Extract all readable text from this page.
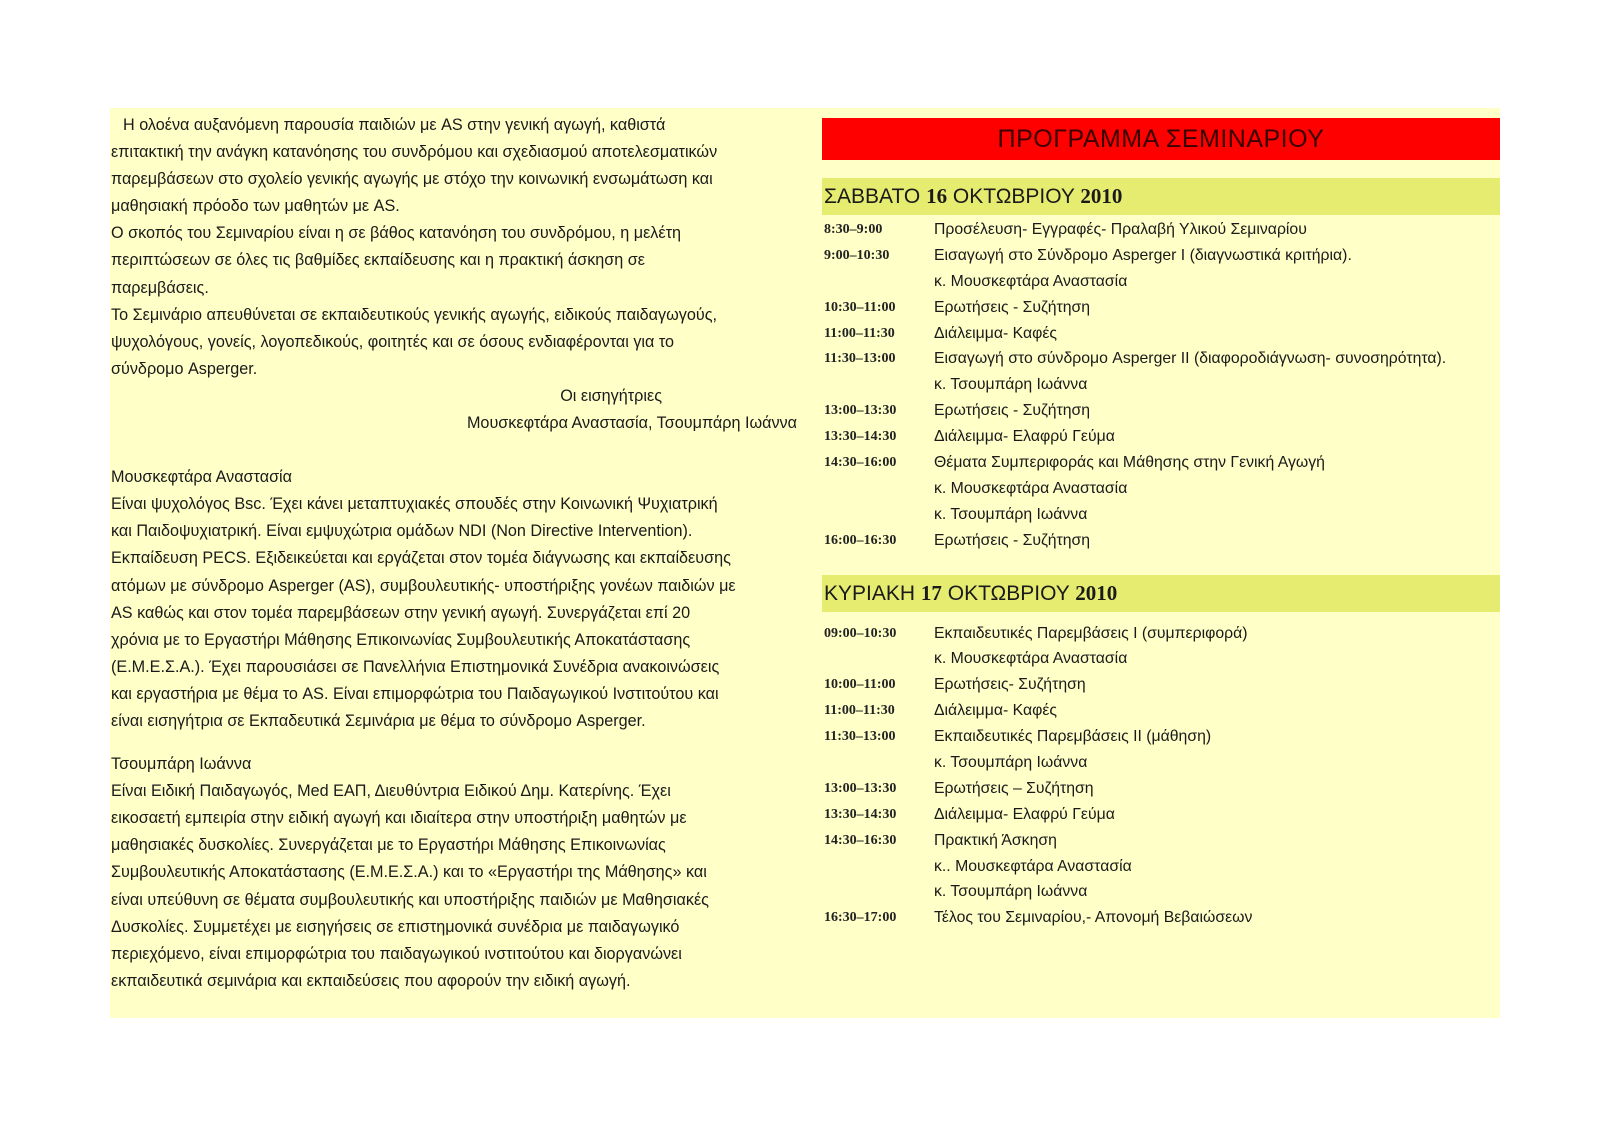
Η ολοένα αυξανόμενη παρουσία παιδιών με AS στην γενική αγωγή, καθιστά

επιτακτική την ανάγκη κατανόησης του συνδρόμου και σχεδιασμού αποτελεσματικών

παρεμβάσεων στο σχολείο γενικής αγωγής με στόχο την κοινωνική ενσωμάτωση και

μαθησιακή πρόοδο των μαθητών με AS.

Ο σκοπός του Σεμιναρίου είναι η σε βάθος κατανόηση του συνδρόμου, η μελέτη

περιπτώσεων σε όλες τις βαθμίδες εκπαίδευσης και η πρακτική άσκηση σε

παρεμβάσεις.

Το Σεμινάριο απευθύνεται σε εκπαιδευτικούς γενικής αγωγής, ειδικούς παιδαγωγούς,

ψυχολόγους, γονείς, λογοπεδικούς, φοιτητές και σε όσους ενδιαφέρονται για το

σύνδρομο Asperger.

Οι εισηγήτριες

Μουσκεφτάρα Αναστασία, Τσουμπάρη Ιωάννα

Μουσκεφτάρα Αναστασία

Είναι ψυχολόγος Bsc. Έχει κάνει μεταπτυχιακές σπουδές στην Κοινωνική Ψυχιατρική

και Παιδοψυχιατρική. Είναι εμψυχώτρια ομάδων NDI (Non Directive Intervention).

Εκπαίδευση PECS. Εξιδεικεύεται και εργάζεται στον τομέα διάγνωσης και εκπαίδευσης

ατόμων με σύνδρομο Asperger (AS), συμβουλευτικής- υποστήριξης γονέων παιδιών με

AS καθώς και στον τομέα παρεμβάσεων στην γενική αγωγή. Συνεργάζεται επί 20

χρόνια με το Εργαστήρι Μάθησης Επικοινωνίας Συμβουλευτικής Αποκατάστασης

(Ε.Μ.Ε.Σ.Α.). Έχει παρουσιάσει σε Πανελλήνια Επιστημονικά Συνέδρια ανακοινώσεις

και εργαστήρια με θέμα το AS. Είναι επιμορφώτρια του Παιδαγωγικού Ινστιτούτου και

είναι εισηγήτρια σε Εκπαδευτικά Σεμινάρια με θέμα το σύνδρομο Asperger.

Τσουμπάρη Ιωάννα

Είναι Ειδική Παιδαγωγός, Med ΕΑΠ, Διευθύντρια Ειδικού Δημ. Κατερίνης. Έχει

εικοσαετή εμπειρία στην ειδική αγωγή και ιδιαίτερα στην υποστήριξη μαθητών με

μαθησιακές δυσκολίες. Συνεργάζεται με το Εργαστήρι Μάθησης Επικοινωνίας

Συμβουλευτικής Αποκατάστασης (Ε.Μ.Ε.Σ.Α.) και το «Εργαστήρι της Μάθησης» και

είναι υπεύθυνη σε θέματα συμβουλευτικής και υποστήριξης παιδιών με Μαθησιακές

Δυσκολίες. Συμμετέχει με εισηγήσεις σε επιστημονικά συνέδρια με παιδαγωγικό

περιεχόμενο, είναι επιμορφώτρια του παιδαγωγικού ινστιτούτου και διοργανώνει

εκπαιδευτικά σεμινάρια και εκπαιδεύσεις που αφορούν την ειδική αγωγή.

ΠΡΟΓΡΑΜΜΑ ΣΕΜΙΝΑΡΙΟΥ
ΣΑΒΒΑΤΟ 16 ΟΚΤΩΒΡΙΟΥ 2010
8:30–9:00	Προσέλευση- Εγγραφές- Πραλαβή Υλικού Σεμιναρίου
9:00–10:30	Εισαγωγή στο Σύνδρομο Asperger I (διαγνωστικά κριτήρια).
κ. Μουσκεφτάρα Αναστασία
10:30–11:00	Ερωτήσεις - Συζήτηση
11:00–11:30	Διάλειμμα- Καφές
11:30–13:00	Εισαγωγή στο σύνδρομο Asperger II (διαφοροδιάγνωση- συνοσηρότητα).
κ. Τσουμπάρη Ιωάννα
13:00–13:30	Ερωτήσεις - Συζήτηση
13:30–14:30	Διάλειμμα- Ελαφρύ Γεύμα
14:30–16:00	Θέματα Συμπεριφοράς και Μάθησης στην Γενική Αγωγή
κ. Μουσκεφτάρα Αναστασία
κ. Τσουμπάρη Ιωάννα
16:00–16:30	Ερωτήσεις - Συζήτηση
ΚΥΡΙΑΚΗ 17 ΟΚΤΩΒΡΙΟΥ 2010
09:00–10:30	Εκπαιδευτικές Παρεμβάσεις Ι (συμπεριφορά)
κ. Μουσκεφτάρα Αναστασία
10:00–11:00	Ερωτήσεις- Συζήτηση
11:00–11:30	Διάλειμμα- Καφές
11:30–13:00	Εκπαιδευτικές Παρεμβάσεις ΙΙ (μάθηση)
κ. Τσουμπάρη Ιωάννα
13:00–13:30	Ερωτήσεις – Συζήτηση
13:30–14:30	Διάλειμμα- Ελαφρύ Γεύμα
14:30–16:30	Πρακτική Άσκηση
κ.. Μουσκεφτάρα Αναστασία
κ. Τσουμπάρη Ιωάννα
16:30–17:00	Τέλος του Σεμιναρίου,- Απονομή Βεβαιώσεων
